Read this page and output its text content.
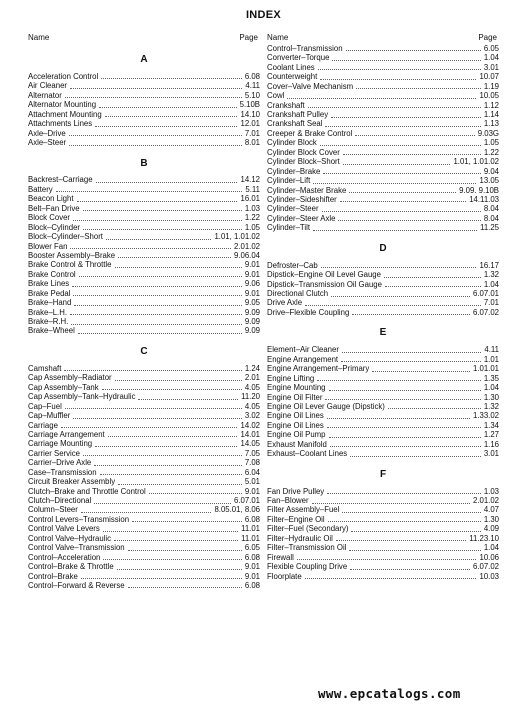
INDEX
Name	Page
A
Acceleration Control	6.08
Air Cleaner	4.11
Alternator	5.10
Alternator Mounting	5.10B
Attachment Mounting	14.10
Attachments Lines	12.01
Axle–Drive	7.01
Axle–Steer	8.01
B
Backrest–Carriage	14.12
Battery	5.11
Beacon Light	16.01
Belt–Fan Drive	1.03
Block Cover	1.22
Block–Cylinder	1.05
Block–Cylinder–Short	1.01, 1.01.02
Blower Fan	2.01.02
Booster Assembly–Brake	9.06.04
Brake Control & Throttle	9.01
Brake Control	9.01
Brake Lines	9.06
Brake Pedal	9.01
Brake–Hand	9.05
Brake–L.H.	9.09
Brake–R.H.	9.09
Brake–Wheel	9.09
C
Camshaft	1.24
Cap Assembly–Radiator	2.01
Cap Assembly–Tank	4.05
Cap Assembly–Tank–Hydraulic	11.20
Cap–Fuel	4.05
Cap–Muffler	3.02
Carriage	14.02
Carriage Arrangement	14.01
Carriage Mounting	14.05
Carrier Service	7.05
Carrier–Drive Axle	7.08
Case–Transmission	6.04
Circuit Breaker Assembly	5.01
Clutch–Brake and Throttle Control	9.01
Clutch–Directional	6.07.01
Column–Steer	8.05.01, 8.06
Control Levers–Transmission	6.08
Control Valve Levers	11.01
Control Valve–Hydraulic	11.01
Control Valve–Transmission	6.05
Control–Acceleration	6.08
Control–Brake & Throttle	9.01
Control–Brake	9.01
Control–Forward & Reverse	6.08
Name	Page
Control–Transmission	6.05
Converter–Torque	1.04
Coolant Lines	3.01
Counterweight	10.07
Cover–Valve Mechanism	1.19
Cowl	10.05
Crankshaft	1.12
Crankshaft Pulley	1.14
Crankshaft Seal	1.13
Creeper & Brake Control	9.03G
Cylinder Block	1.05
Cylinder Block Cover	1.22
Cylinder Block–Short	1.01, 1.01.02
Cylinder–Brake	9.04
Cylinder–Lift	13.05
Cylinder–Master Brake	9.09. 9.10B
Cylinder–Sideshifter	14.11.03
Cylinder–Steer	8.04
Cylinder–Steer Axle	8.04
Cylinder–Tilt	11.25
D
Defroster–Cab	16.17
Dipstick–Engine Oil Level Gauge	1.32
Dipstick–Transmission Oil Gauge	1.04
Directional Clutch	6.07.01
Drive Axle	7.01
Drive–Flexible Coupling	6.07.02
E
Element–Air Cleaner	4.11
Engine Arrangement	1.01
Engine Arrangement–Primary	1.01.01
Engine Lifting	1.35
Engine Mounting	1.04
Engine Oil Filter	1.30
Engine Oil Lever Gauge (Dipstick)	1.32
Engine Oil Lines	1.33.02
Engine Oil Lines	1.34
Engine Oil Pump	1.27
Exhaust Manifold	1.16
Exhaust–Coolant Lines	3.01
F
Fan Drive Pulley	1.03
Fan–Blower	2.01.02
Filter Assembly–Fuel	4.07
Filter–Engine Oil	1.30
Filter–Fuel (Secondary)	4.09
Filter–Hydraulic Oil	11.23.10
Filter–Transmission Oil	1.04
Firewall	10.06
Flexible Coupling Drive	6.07.02
Floorplate	10.03
www.epcatalogs.com
